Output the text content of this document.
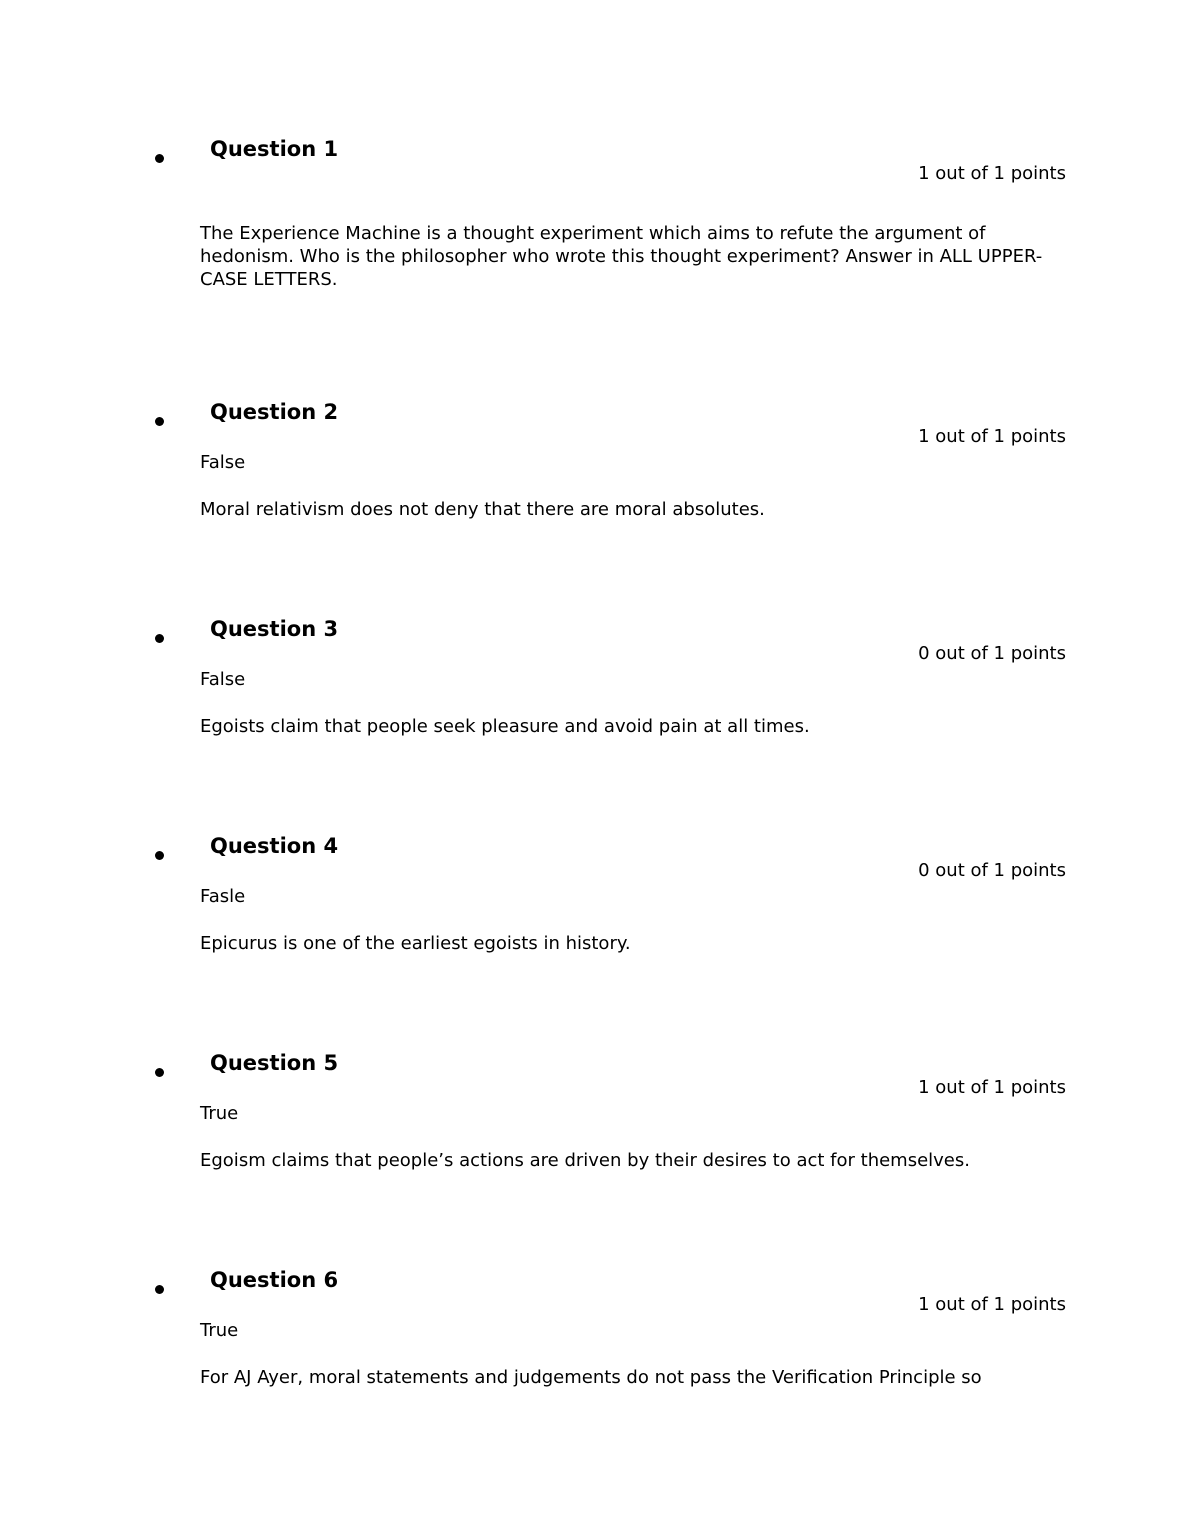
Question 1
1 out of 1 points
The Experience Machine is a thought experiment which aims to refute the argument of hedonism. Who is the philosopher who wrote this thought experiment? Answer in ALL UPPER-CASE LETTERS.
Question 2
1 out of 1 points
False
Moral relativism does not deny that there are moral absolutes.
Question 3
0 out of 1 points
False
Egoists claim that people seek pleasure and avoid pain at all times.
Question 4
0 out of 1 points
Fasle
Epicurus is one of the earliest egoists in history.
Question 5
1 out of 1 points
True
Egoism claims that people’s actions are driven by their desires to act for themselves.
Question 6
1 out of 1 points
True
For AJ Ayer, moral statements and judgements do not pass the Verification Principle so
